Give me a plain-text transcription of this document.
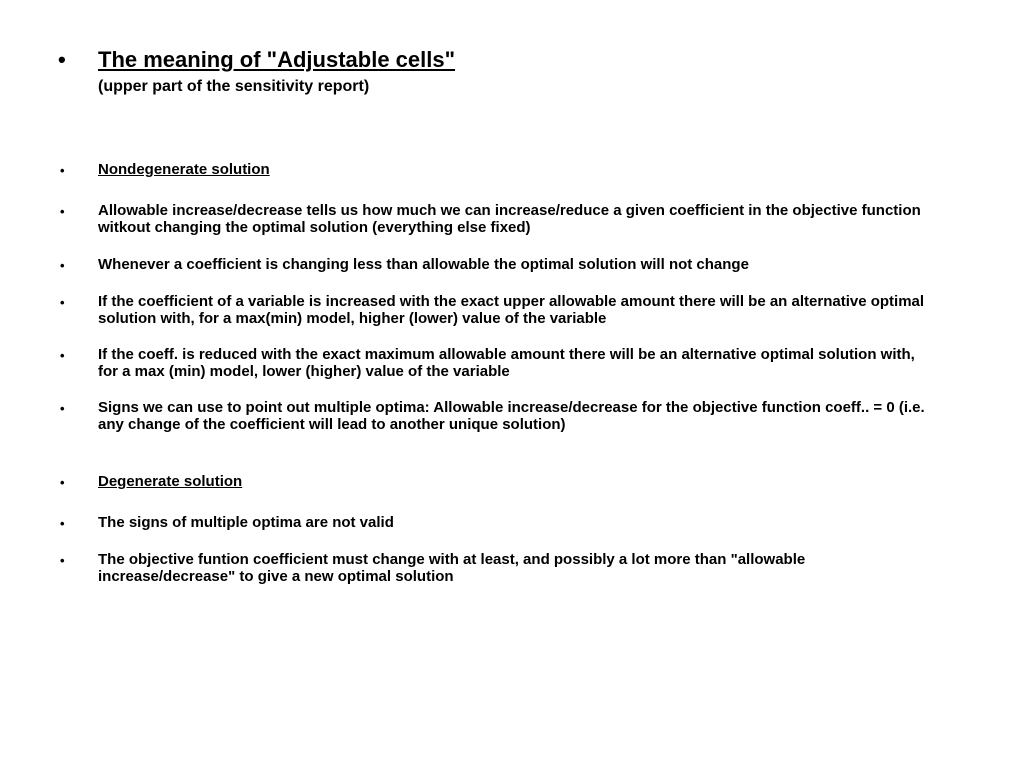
• The meaning of "Adjustable cells"
(upper part of the sensitivity report)
• Nondegenerate solution
• Allowable increase/decrease tells us how much we can increase/reduce a given coefficient in the objective function witkout changing the optimal solution (everything else fixed)
• Whenever a coefficient is changing less than allowable the optimal solution will not change
• If the coefficient of a variable is increased with the exact upper allowable amount there will be an alternative optimal solution with, for a max(min) model, higher (lower) value of the variable
• If the coeff. is reduced with the exact maximum allowable amount there will be an alternative optimal solution with, for a max (min) model, lower (higher) value of the variable
• Signs we can use to point out multiple optima: Allowable increase/decrease for the objective function coeff.. = 0 (i.e. any change of the coefficient will lead to another unique solution)
• Degenerate solution
• The signs of multiple optima are not valid
• The objective funtion coefficient must change with at least, and possibly a lot more than "allowable increase/decrease" to give a new optimal solution
